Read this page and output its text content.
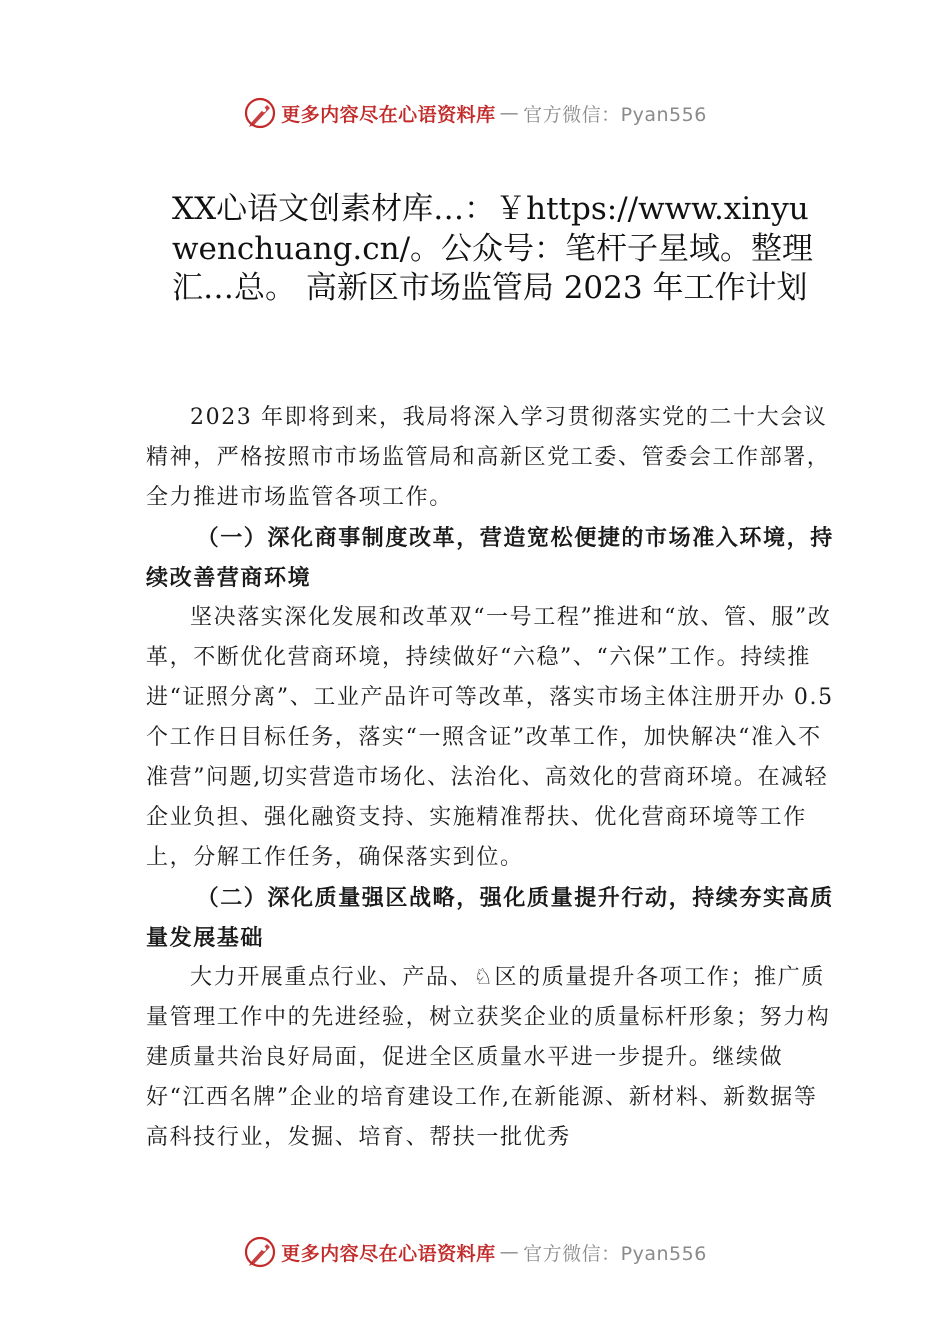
更多内容尽在心语资料库 — 官方微信：Pyan556
XX心语文创素材库…：￥https://www.xinyuwenchuang.cn/。公众号：笔杆子星域。整理汇…总。 高新区市场监管局 2023 年工作计划

2023 年即将到来，我局将深入学习贯彻落实党的二十大会议精神，严格按照市市场监管局和高新区党工委、管委会工作部署，全力推进市场监管各项工作。

（一）深化商事制度改革，营造宽松便捷的市场准入环境，持续改善营商环境

坚决落实深化发展和改革双“一号工程”推进和“放、管、服”改革，不断优化营商环境，持续做好“六稳”、“六保”工作。持续推进“证照分离”、工业产品许可等改革，落实市场主体注册开办 0.5 个工作日目标任务，落实“一照含证”改革工作，加快解决“准入不准营”问题,切实营造市场化、法治化、高效化的营商环境。在减轻企业负担、强化融资支持、实施精准帮扶、优化营商环境等工作上，分解工作任务，确保落实到位。

（二）深化质量强区战略，强化质量提升行动，持续夯实高质量发展基础

大力开展重点行业、产品、♘区的质量提升各项工作；推广质量管理工作中的先进经验，树立获奖企业的质量标杆形象；努力构建质量共治良好局面，促进全区质量水平进一步提升。继续做好“江西名牌”企业的培育建设工作,在新能源、新材料、新数据等高科技行业，发掘、培育、帮扶一批优秀

更多内容尽在心语资料库 — 官方微信：Pyan556
